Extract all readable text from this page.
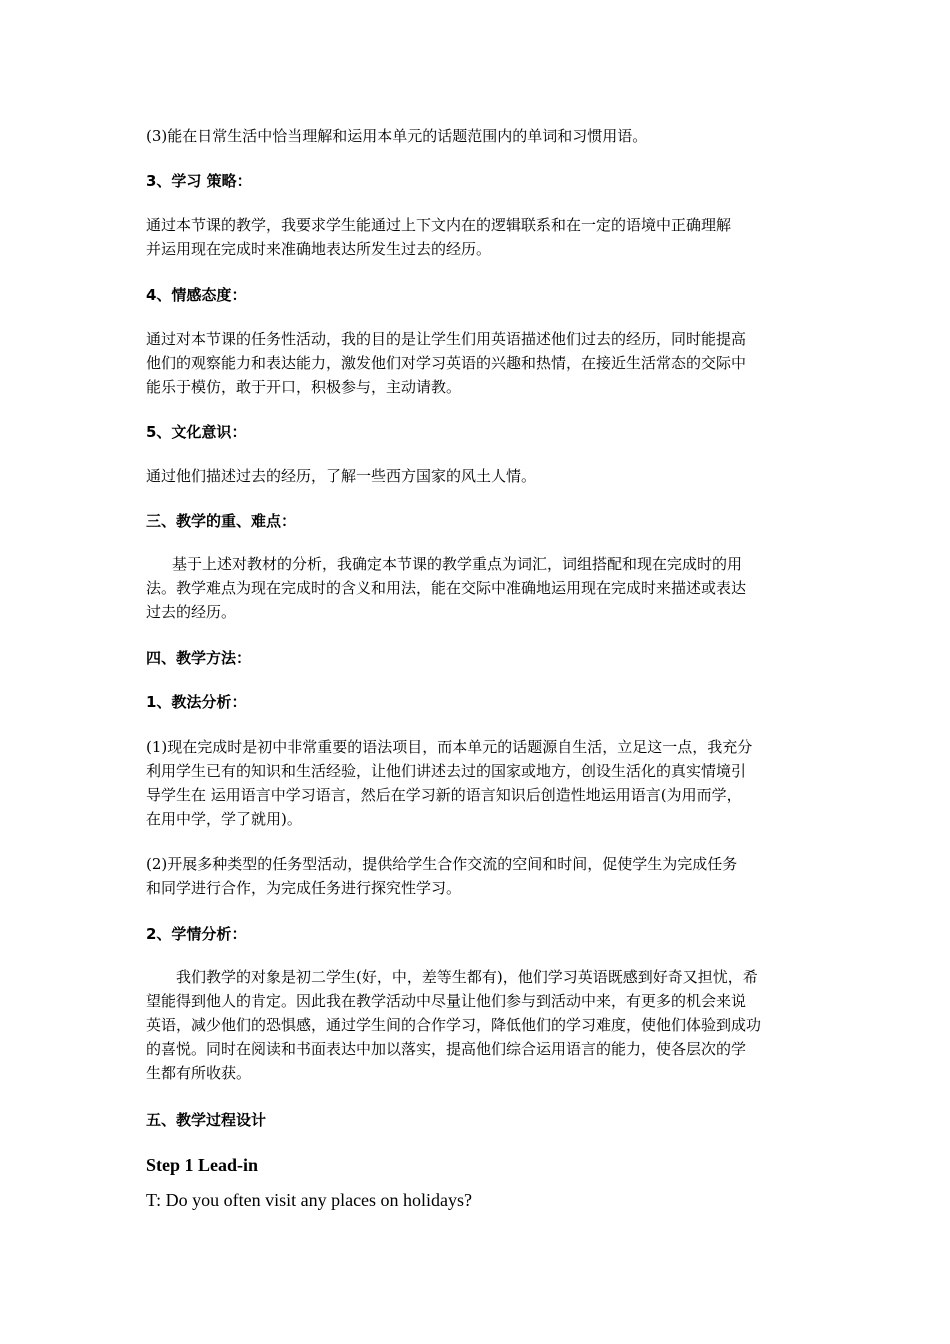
(3)能在日常生活中恰当理解和运用本单元的话题范围内的单词和习惯用语。
3、学习 策略：
通过本节课的教学，我要求学生能通过上下文内在的逻辑联系和在一定的语境中正确理解
并运用现在完成时来准确地表达所发生过去的经历。
4、情感态度：
通过对本节课的任务性活动，我的目的是让学生们用英语描述他们过去的经历，同时能提高
他们的观察能力和表达能力，激发他们对学习英语的兴趣和热情，在接近生活常态的交际中
能乐于模仿，敢于开口，积极参与，主动请教。
5、文化意识：
通过他们描述过去的经历，了解一些西方国家的风土人情。
三、教学的重、难点：
基于上述对教材的分析，我确定本节课的教学重点为词汇，词组搭配和现在完成时的用
法。教学难点为现在完成时的含义和用法，能在交际中准确地运用现在完成时来描述或表达
过去的经历。
四、教学方法：
1、教法分析：
(1)现在完成时是初中非常重要的语法项目，而本单元的话题源自生活，立足这一点，我充分
利用学生已有的知识和生活经验，让他们讲述去过的国家或地方，创设生活化的真实情境引
导学生在 运用语言中学习语言，然后在学习新的语言知识后创造性地运用语言(为用而学，
在用中学，学了就用)。
(2)开展多种类型的任务型活动，提供给学生合作交流的空间和时间，促使学生为完成任务
和同学进行合作，为完成任务进行探究性学习。
2、学情分析：
我们教学的对象是初二学生(好，中，差等生都有)，他们学习英语既感到好奇又担忧，希
望能得到他人的肯定。因此我在教学活动中尽量让他们参与到活动中来，有更多的机会来说
英语，减少他们的恐惧感，通过学生间的合作学习，降低他们的学习难度，使他们体验到成功
的喜悦。同时在阅读和书面表达中加以落实，提高他们综合运用语言的能力，使各层次的学
生都有所收获。
五、教学过程设计
Step 1 Lead-in
T: Do you often visit any places on holidays?
